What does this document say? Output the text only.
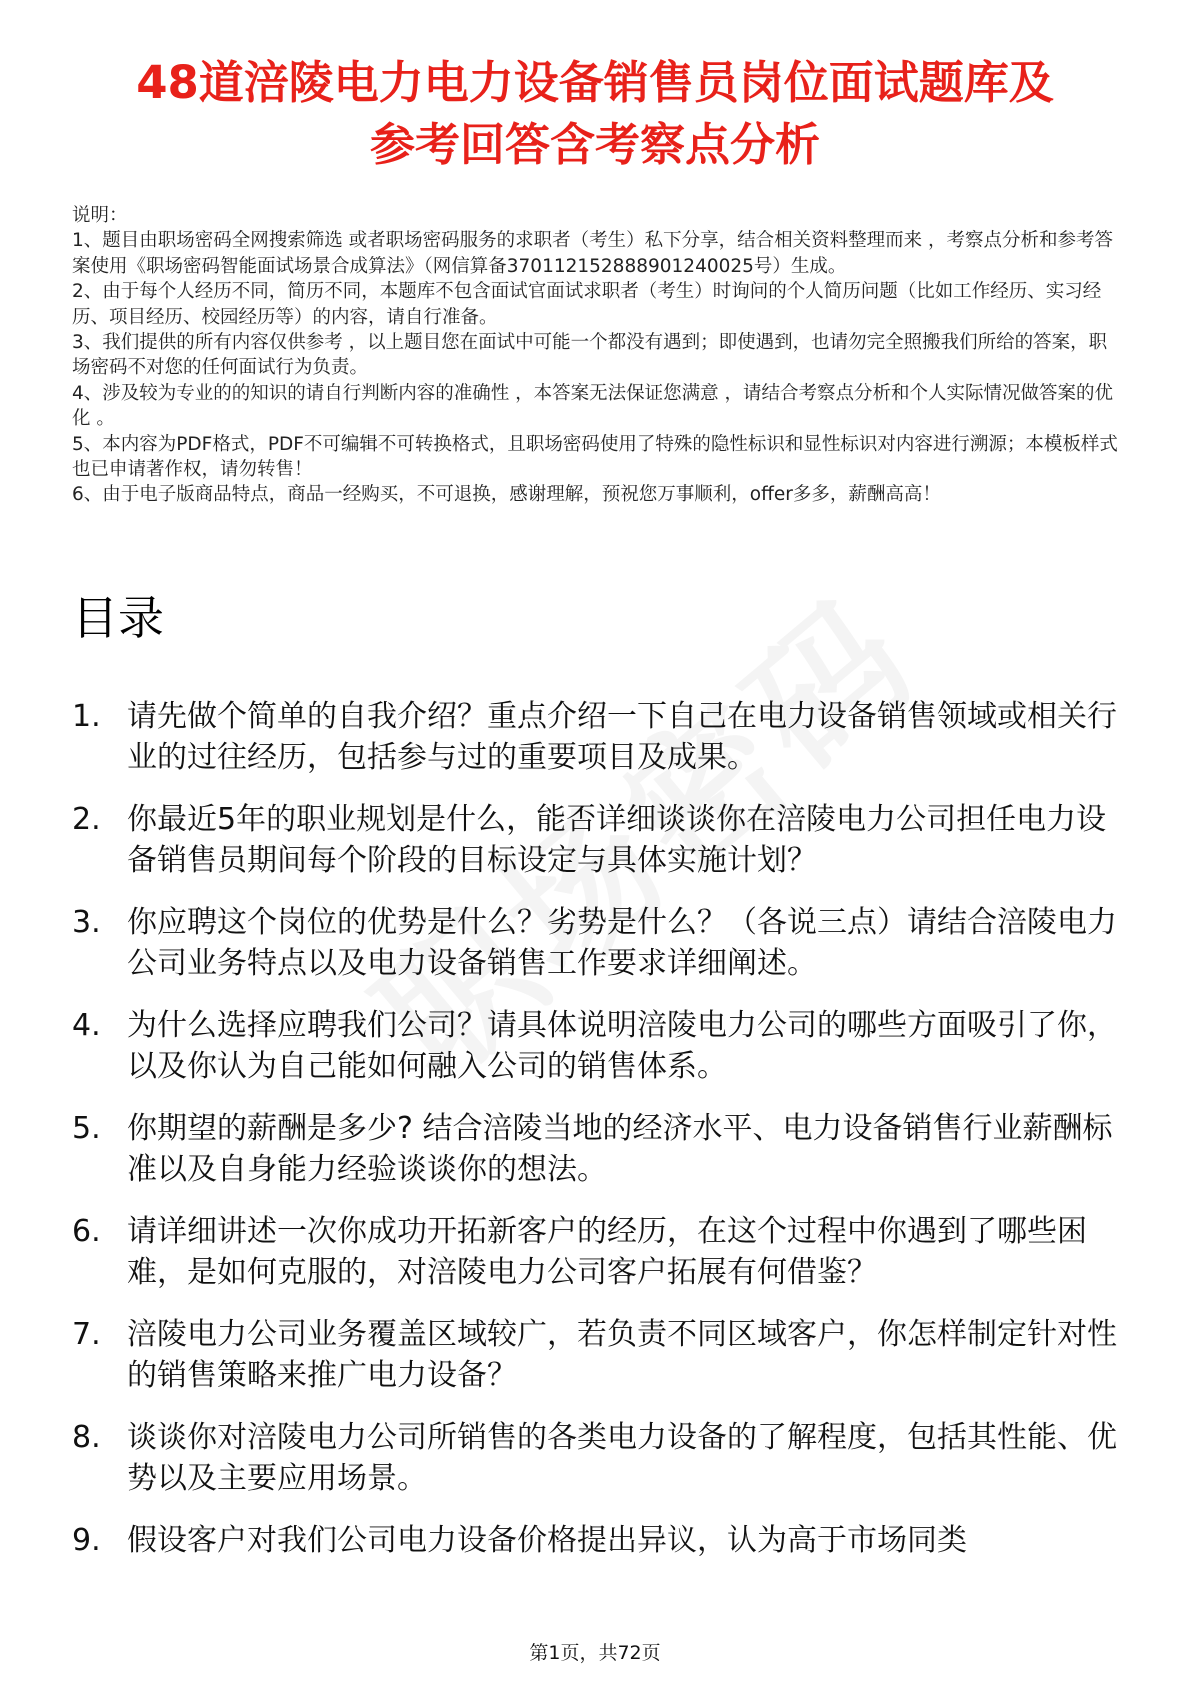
48道涪陵电力电力设备销售员岗位面试题库及
参考回答含考察点分析

说明：

1、题目由职场密码全网搜索筛选 或者职场密码服务的求职者（考生）私下分享，结合相关资料整理而来 ，考察点分析和参考答案使用《职场密码智能面试场景合成算法》（网信算备370112152888901240025号）生成。

2、由于每个人经历不同，简历不同，本题库不包含面试官面试求职者（考生）时询问的个人简历问题（比如工作经历、实习经历、项目经历、校园经历等）的内容，请自行准备。

3、我们提供的所有内容仅供参考 ，以上题目您在面试中可能一个都没有遇到；即使遇到，也请勿完全照搬我们所给的答案，职场密码不对您的任何面试行为负责。

4、涉及较为专业的的知识的请自行判断内容的准确性 ，本答案无法保证您满意 ，请结合考察点分析和个人实际情况做答案的优化 。

5、本内容为PDF格式，PDF不可编辑不可转换格式，且职场密码使用了特殊的隐性标识和显性标识对内容进行溯源；本模板样式也已申请著作权，请勿转售！

6、由于电子版商品特点，商品一经购买，不可退换，感谢理解，预祝您万事顺利，offer多多，薪酬高高！

目录
1. 请先做个简单的自我介绍？重点介绍一下自己在电力设备销售领域或相关行业的过往经历，包括参与过的重要项目及成果。
2. 你最近5年的职业规划是什么，能否详细谈谈你在涪陵电力公司担任电力设备销售员期间每个阶段的目标设定与具体实施计划？
3. 你应聘这个岗位的优势是什么？劣势是什么？（各说三点）请结合涪陵电力公司业务特点以及电力设备销售工作要求详细阐述。
4. 为什么选择应聘我们公司？请具体说明涪陵电力公司的哪些方面吸引了你，以及你认为自己能如何融入公司的销售体系。
5. 你期望的薪酬是多少? 结合涪陵当地的经济水平、电力设备销售行业薪酬标准以及自身能力经验谈谈你的想法。
6. 请详细讲述一次你成功开拓新客户的经历，在这个过程中你遇到了哪些困难，是如何克服的，对涪陵电力公司客户拓展有何借鉴？
7. 涪陵电力公司业务覆盖区域较广，若负责不同区域客户，你怎样制定针对性的销售策略来推广电力设备？
8. 谈谈你对涪陵电力公司所销售的各类电力设备的了解程度，包括其性能、优势以及主要应用场景。
9. 假设客户对我们公司电力设备价格提出异议，认为高于市场同类
第1页，共72页
